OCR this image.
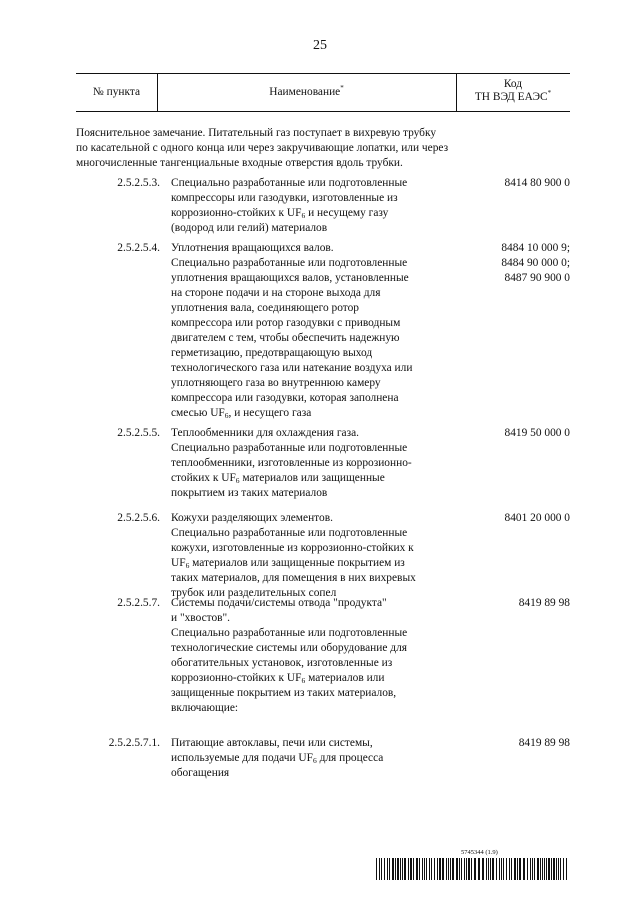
25
№ пункта	Наименование*	Код
ТН ВЭД ЕАЭС*
Пояснительное замечание. Питательный газ поступает в вихревую трубку
по касательной с одного конца или через закручивающие лопатки, или через
многочисленные тангенциальные входные отверстия вдоль трубки.
2.5.2.5.3. Специально разработанные или подготовленные
компрессоры или газодувки, изготовленные из
коррозионно-стойких к $UF_6$ и несущему газу
(водород или гелий) материалов
8414 80 900 0
2.5.2.5.4. Уплотнения вращающихся валов.
Специально разработанные или подготовленные
уплотнения вращающихся валов, установленные
на стороне подачи и на стороне выхода для
уплотнения вала, соединяющего ротор
компрессора или ротор газодувки с приводным
двигателем с тем, чтобы обеспечить надежную
герметизацию, предотвращающую выход
технологического газа или натекание воздуха или
уплотняющего газа во внутреннюю камеру
компрессора или газодувки, которая заполнена
смесью $UF_6$, и несущего газа
8484 10 000 9;
8484 90 000 0;
8487 90 900 0
2.5.2.5.5. Теплообменники для охлаждения газа.
Специально разработанные или подготовленные
теплообменники, изготовленные из коррозионно-
стойких к $UF_6$ материалов или защищенные
покрытием из таких материалов
8419 50 000 0
2.5.2.5.6. Кожухи разделяющих элементов.
Специально разработанные или подготовленные
кожухи, изготовленные из коррозионно-стойких к
$UF_6$ материалов или защищенные покрытием из
таких материалов, для помещения в них вихревых
трубок или разделительных сопел
8401 20 000 0
2.5.2.5.7. Системы подачи/системы отвода "продукта"
и "хвостов".
Специально разработанные или подготовленные
технологические системы или оборудование для
обогатительных установок, изготовленные из
коррозионно-стойких к $UF_6$ материалов или
защищенные покрытием из таких материалов,
включающие:
8419 89 98
2.5.2.5.7.1. Питающие автоклавы, печи или системы,
используемые для подачи $UF_6$ для процесса
обогащения
8419 89 98
5745344 (1.9)
